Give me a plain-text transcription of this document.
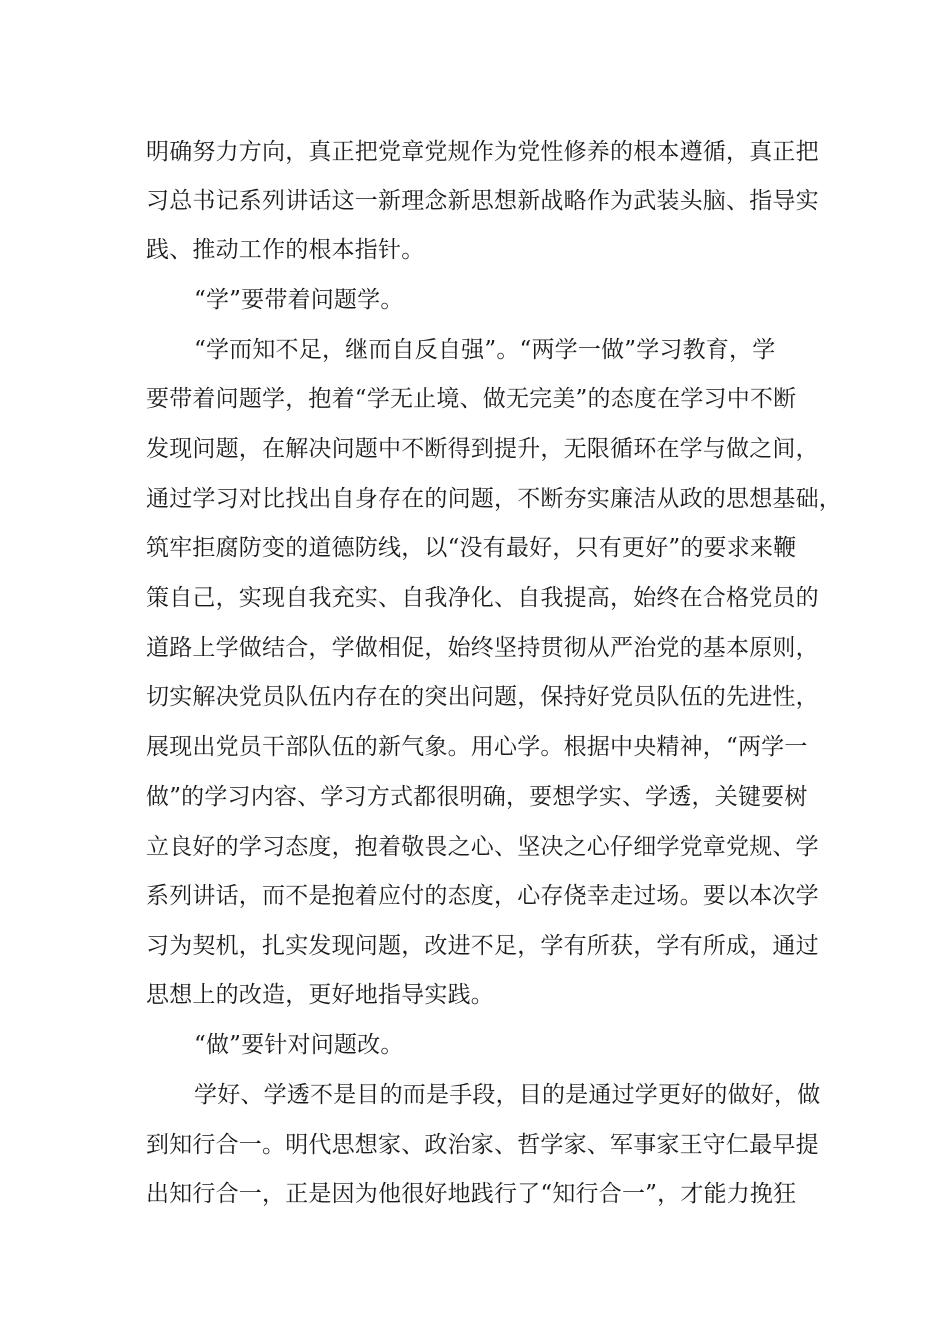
明确努力方向，真正把党章党规作为党性修养的根本遵循，真正把
习总书记系列讲话这一新理念新思想新战略作为武装头脑、指导实
践、推动工作的根本指针。
“学”要带着问题学。
“学而知不足，继而自反自强”。“两学一做”学习教育，学
要带着问题学，抱着“学无止境、做无完美”的态度在学习中不断
发现问题，在解决问题中不断得到提升，无限循环在学与做之间，
通过学习对比找出自身存在的问题，不断夯实廉洁从政的思想基础，
筑牢拒腐防变的道德防线，以“没有最好，只有更好”的要求来鞭
策自己，实现自我充实、自我净化、自我提高，始终在合格党员的
道路上学做结合，学做相促，始终坚持贯彻从严治党的基本原则，
切实解决党员队伍内存在的突出问题，保持好党员队伍的先进性，
展现出党员干部队伍的新气象。用心学。根据中央精神，“两学一
做”的学习内容、学习方式都很明确，要想学实、学透，关键要树
立良好的学习态度，抱着敬畏之心、坚决之心仔细学党章党规、学
系列讲话，而不是抱着应付的态度，心存侥幸走过场。要以本次学
习为契机，扎实发现问题，改进不足，学有所获，学有所成，通过
思想上的改造，更好地指导实践。
“做”要针对问题改。
学好、学透不是目的而是手段，目的是通过学更好的做好，做
到知行合一。明代思想家、政治家、哲学家、军事家王守仁最早提
出知行合一，正是因为他很好地践行了“知行合一”，才能力挽狂
